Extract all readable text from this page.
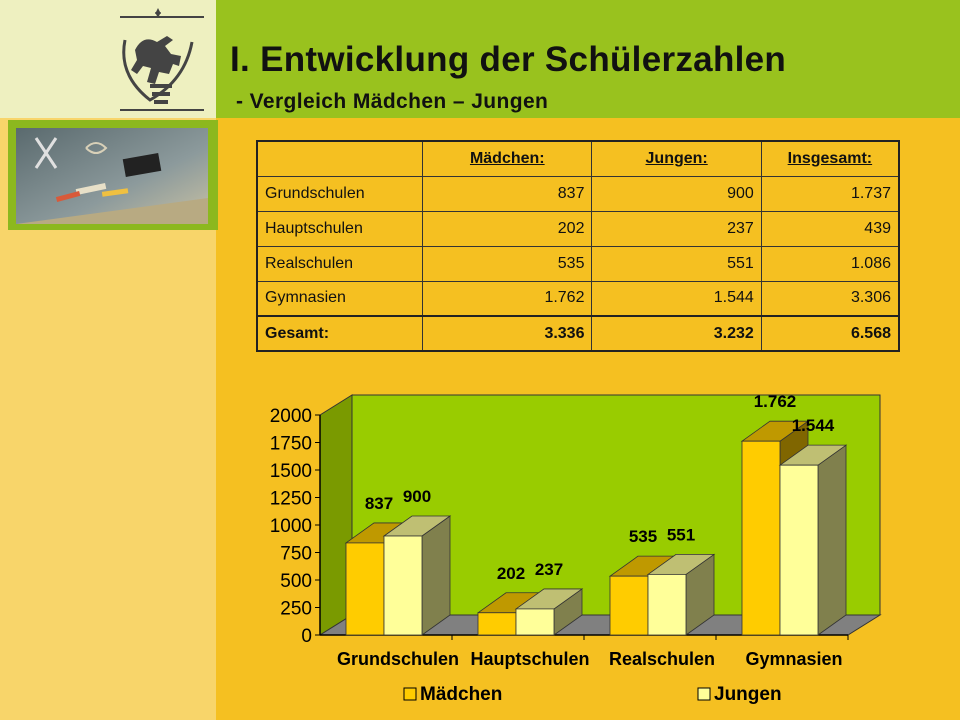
I. Entwicklung der Schülerzahlen
- Vergleich Mädchen – Jungen
	Mädchen:	Jungen:	Insgesamt:
Grundschulen	837	900	1.737
Hauptschulen	202	237	439
Realschulen	535	551	1.086
Gymnasien	1.762	1.544	3.306
Gesamt:	3.336	3.232	6.568
0
250
500
750
1000
1250
1500
1750
2000
Grundschulen Hauptschulen Realschulen Gymnasien
837
202
535
1.762
900
237
551
1.544
Mädchen	Jungen
